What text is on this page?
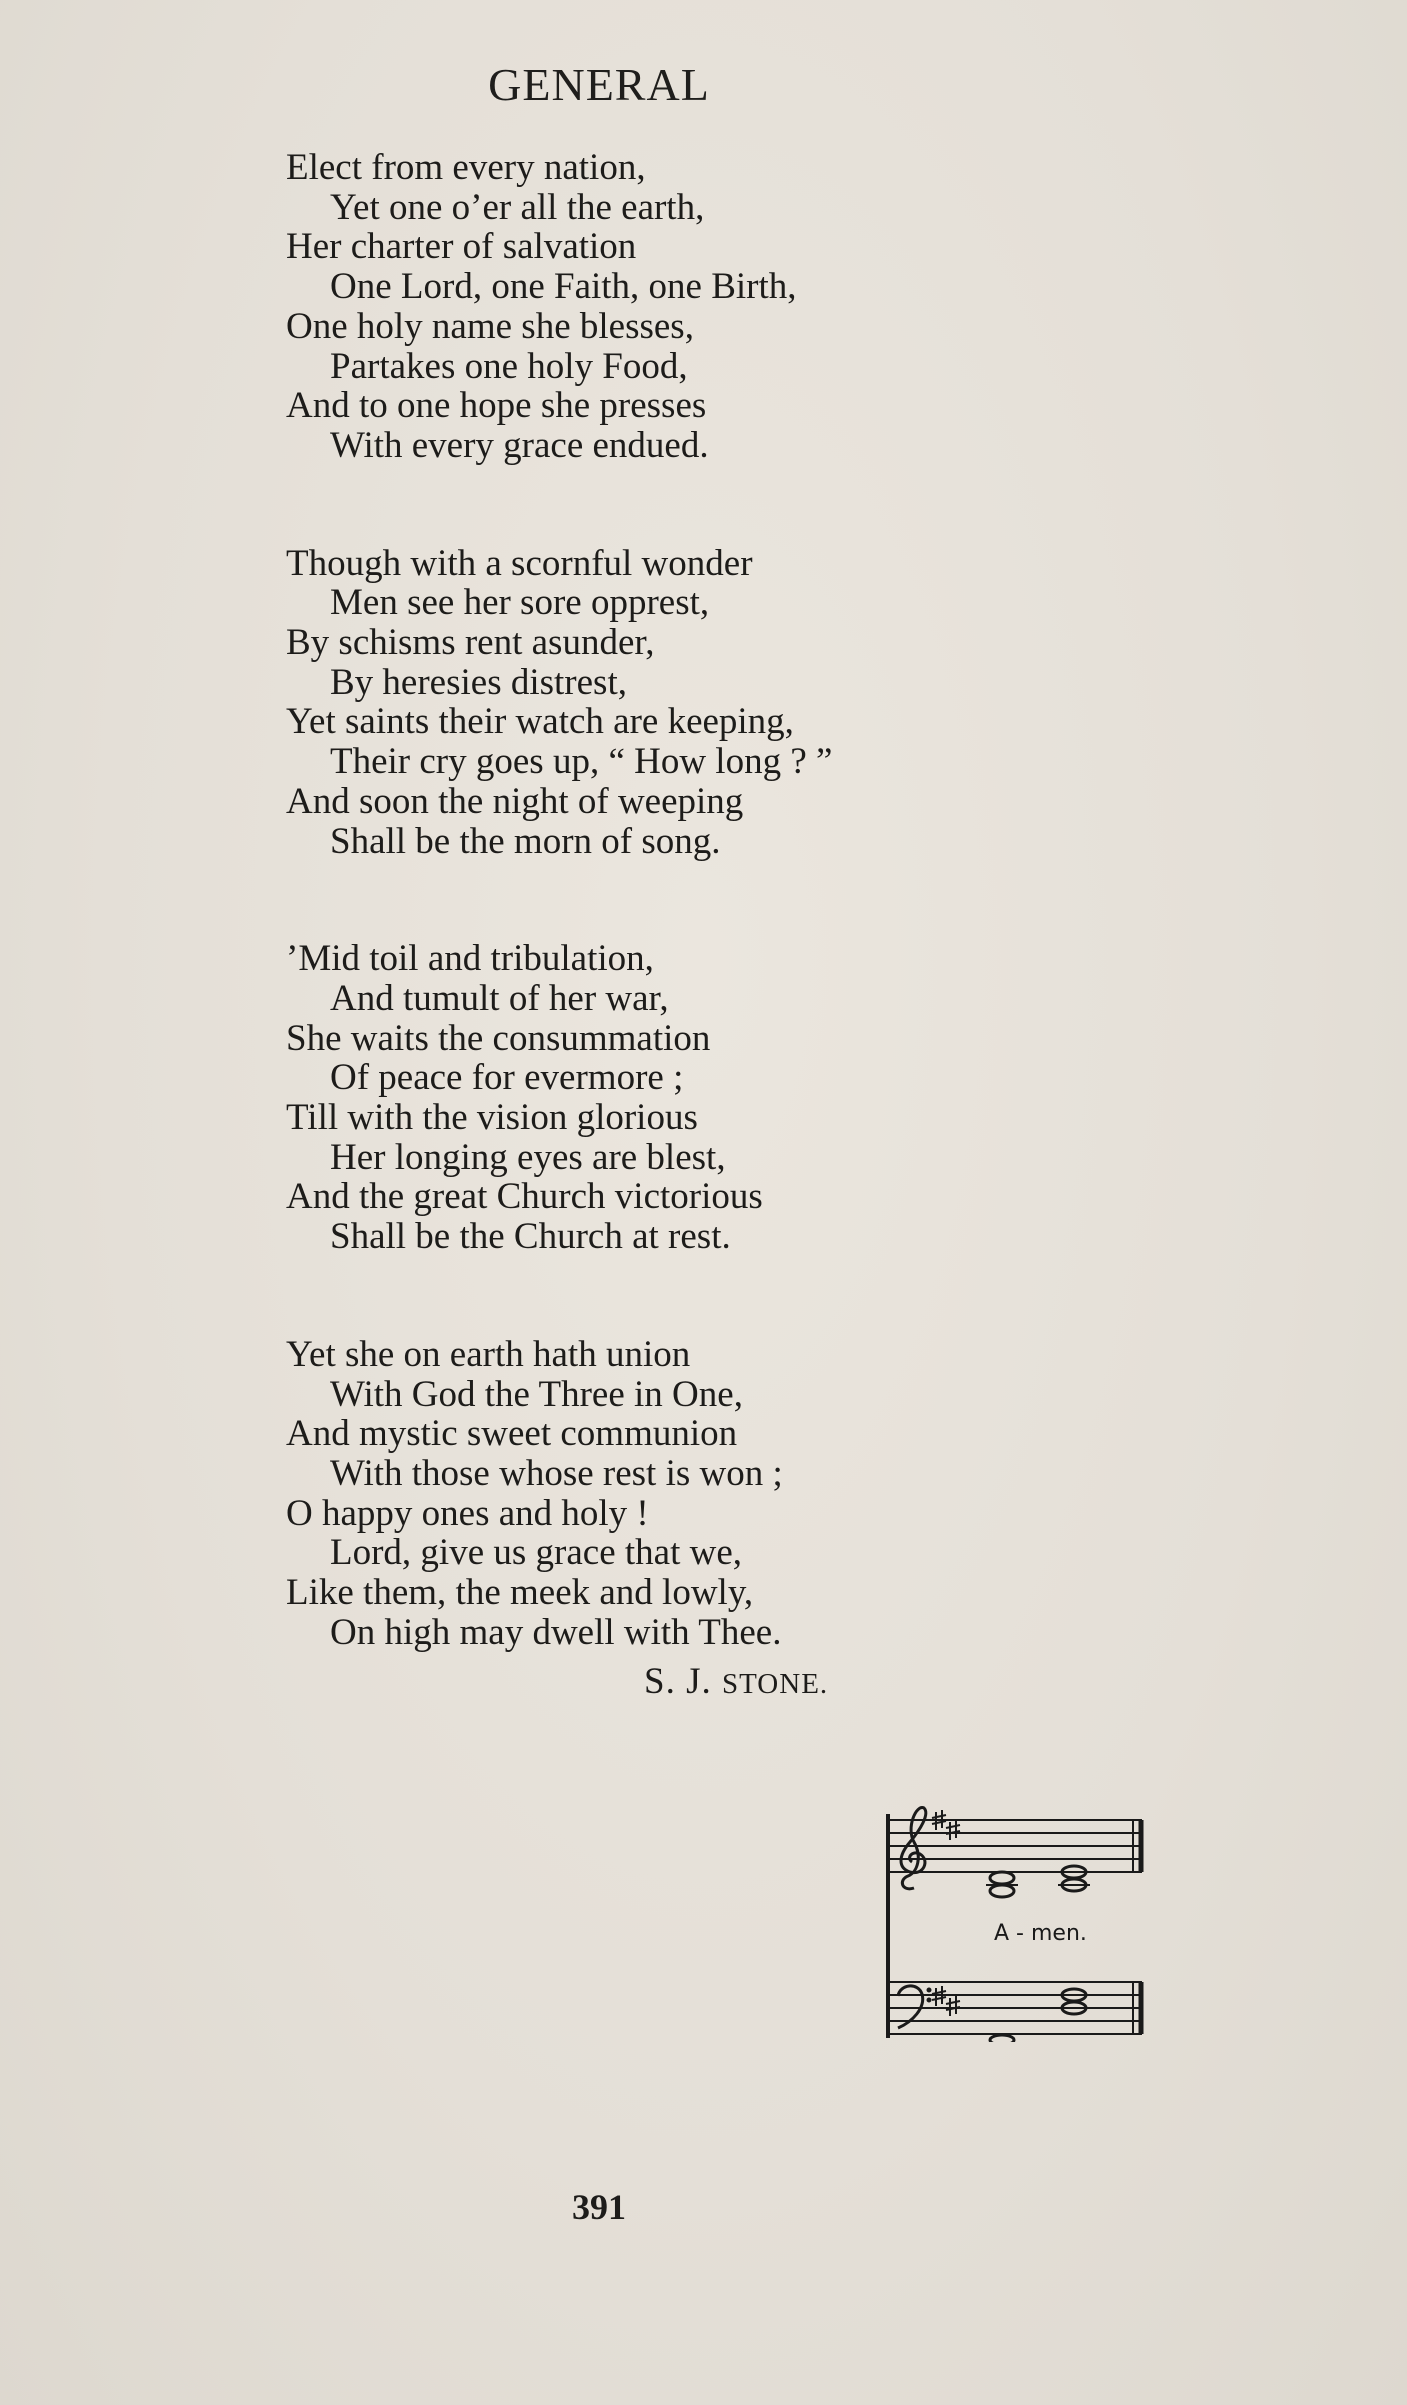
GENERAL
Elect from every nation,
Yet one o’er all the earth,
Her charter of salvation
One Lord, one Faith, one Birth,
One holy name she blesses,
Partakes one holy Food,
And to one hope she presses
With every grace endued.
Though with a scornful wonder
Men see her sore opprest,
By schisms rent asunder,
By heresies distrest,
Yet saints their watch are keeping,
Their cry goes up, “ How long ? ”
And soon the night of weeping
Shall be the morn of song.
’Mid toil and tribulation,
And tumult of her war,
She waits the consummation
Of peace for evermore ;
Till with the vision glorious
Her longing eyes are blest,
And the great Church victorious
Shall be the Church at rest.
Yet she on earth hath union
With God the Three in One,
And mystic sweet communion
With those whose rest is won ;
O happy ones and holy !
Lord, give us grace that we,
Like them, the meek and lowly,
On high may dwell with Thee.
S. J. STONE.
A - men.
391
